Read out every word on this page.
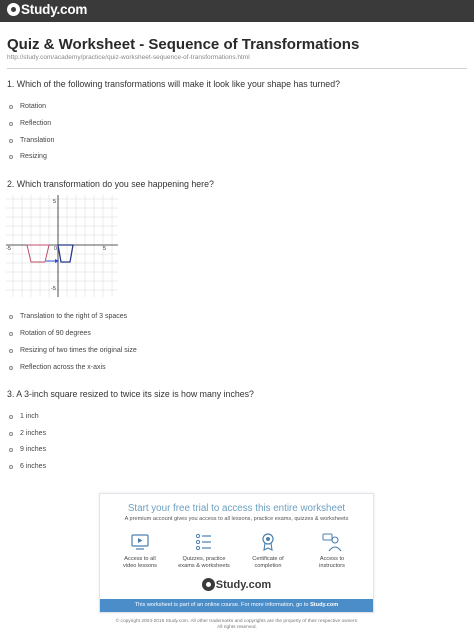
Study.com
Quiz & Worksheet - Sequence of Transformations
http://study.com/academy/practice/quiz-worksheet-sequence-of-transformations.html
1. Which of the following transformations will make it look like your shape has turned?
Rotation
Reflection
Translation
Resizing
2. Which transformation do you see happening here?
5
-5	0	5
-5
Translation to the right of 3 spaces
Rotation of 90 degrees
Resizing of two times the original size
Reflection across the x-axis
3. A 3-inch square resized to twice its size is how many inches?
1 inch
2 inches
9 inches
6 inches
Start your free trial to access this entire worksheet
A premium account gives you access to all lessons, practice exams, quizzes & worksheets
Access to all
video lessons
Quizzes, practice
exams & worksheets
Certificate of
completion
Access to
instructors
Study.com
This worksheet is part of an online course. For more information, go to Study.com
© copyright 2003-2015 Study.com. All other trademarks and copyrights are the property of their respective owners.
All rights reserved.
